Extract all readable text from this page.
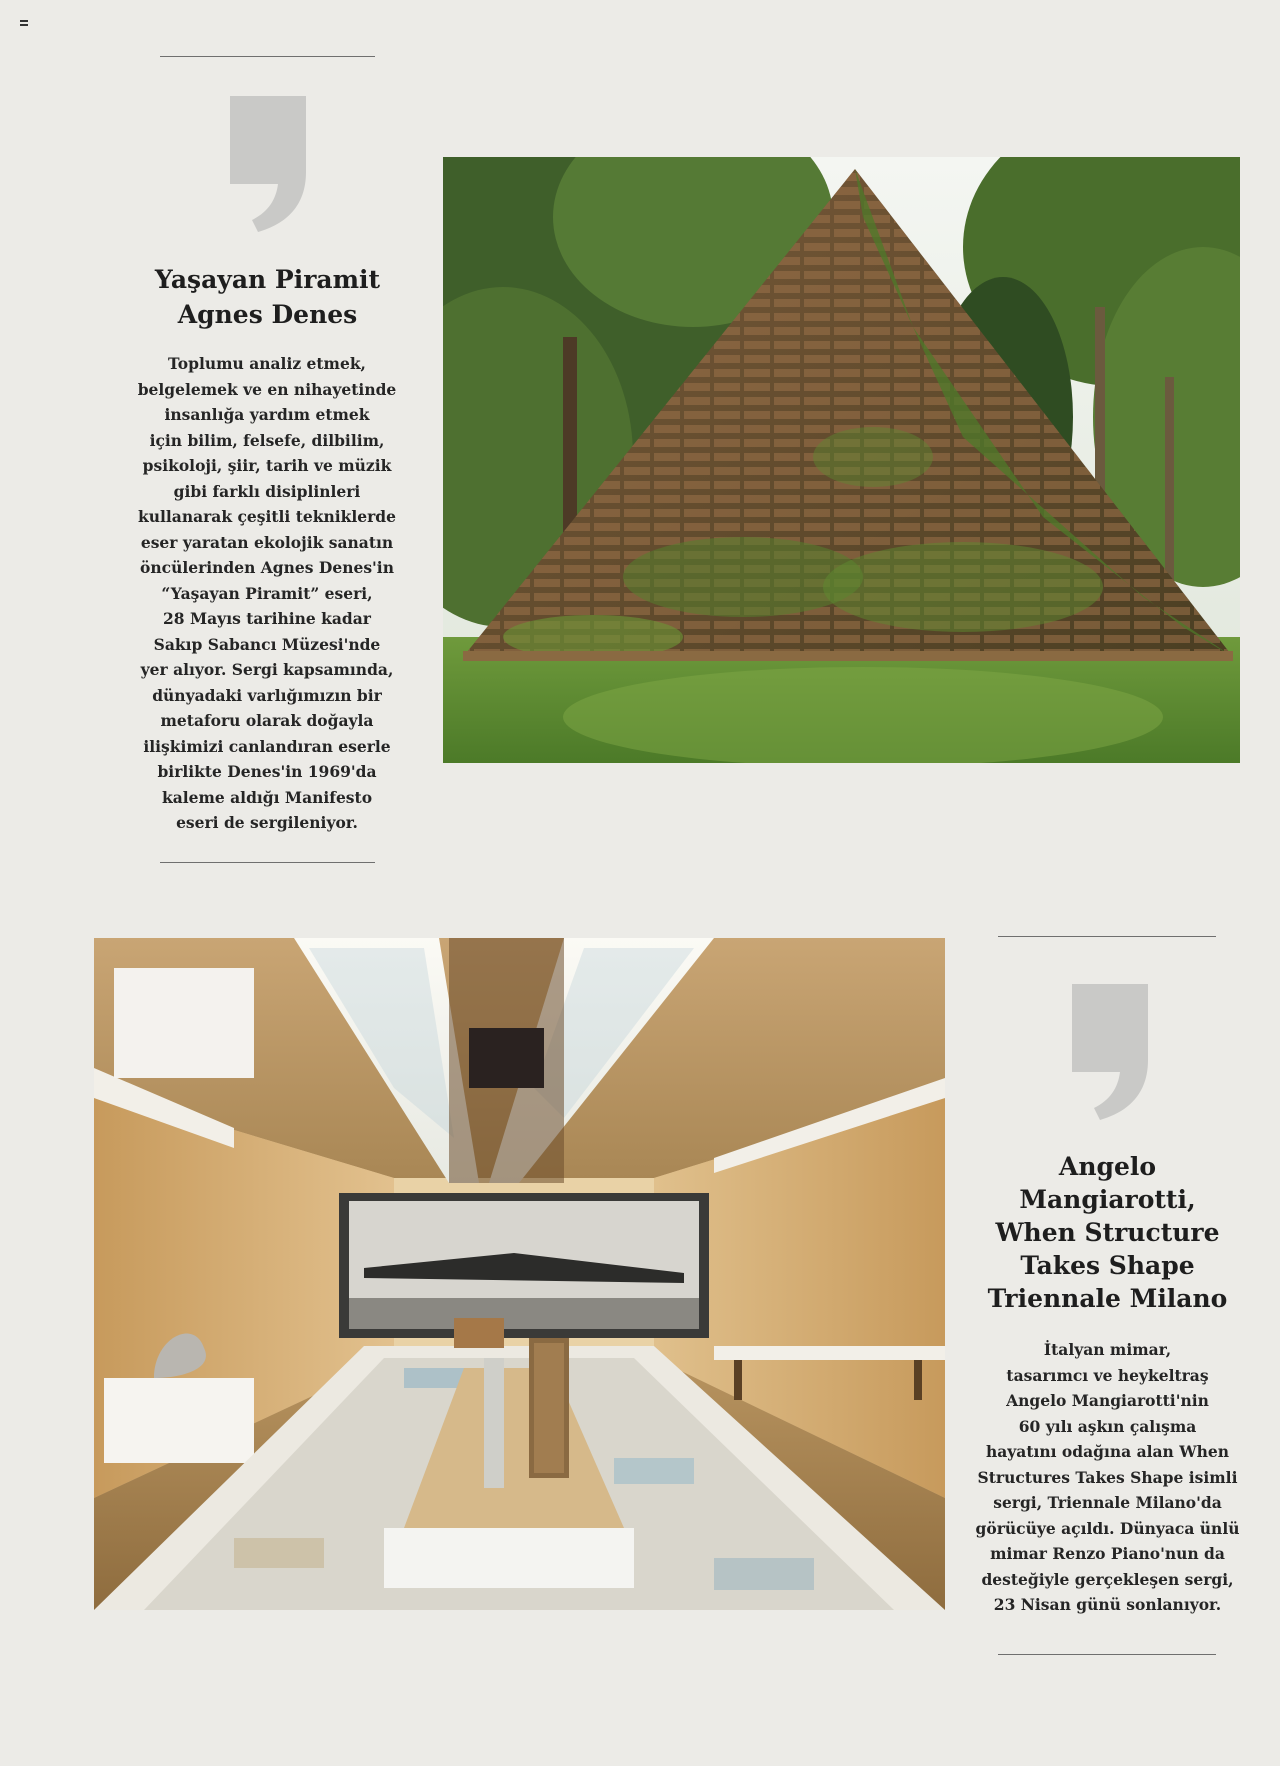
Yaşayan Piramit
Agnes Denes
Toplumu analiz etmek,
belgelemek ve en nihayetinde
insanlığa yardım etmek
için bilim, felsefe, dilbilim,
psikoloji, şiir, tarih ve müzik
gibi farklı disiplinleri
kullanarak çeşitli tekniklerde
eser yaratan ekolojik sanatın
öncülerinden Agnes Denes'in
“Yaşayan Piramit” eseri,
28 Mayıs tarihine kadar
Sakıp Sabancı Müzesi'nde
yer alıyor. Sergi kapsamında,
dünyadaki varlığımızın bir
metaforu olarak doğayla
ilişkimizi canlandıran eserle
birlikte Denes'in 1969'da
kaleme aldığı Manifesto
eseri de sergileniyor.
Angelo
Mangiarotti,
When Structure
Takes Shape
Triennale Milano
İtalyan mimar,
tasarımcı ve heykeltraş
Angelo Mangiarotti'nin
60 yılı aşkın çalışma
hayatını odağına alan When
Structures Takes Shape isimli
sergi, Triennale Milano'da
görücüye açıldı. Dünyaca ünlü
mimar Renzo Piano'nun da
desteğiyle gerçekleşen sergi,
23 Nisan günü sonlanıyor.
